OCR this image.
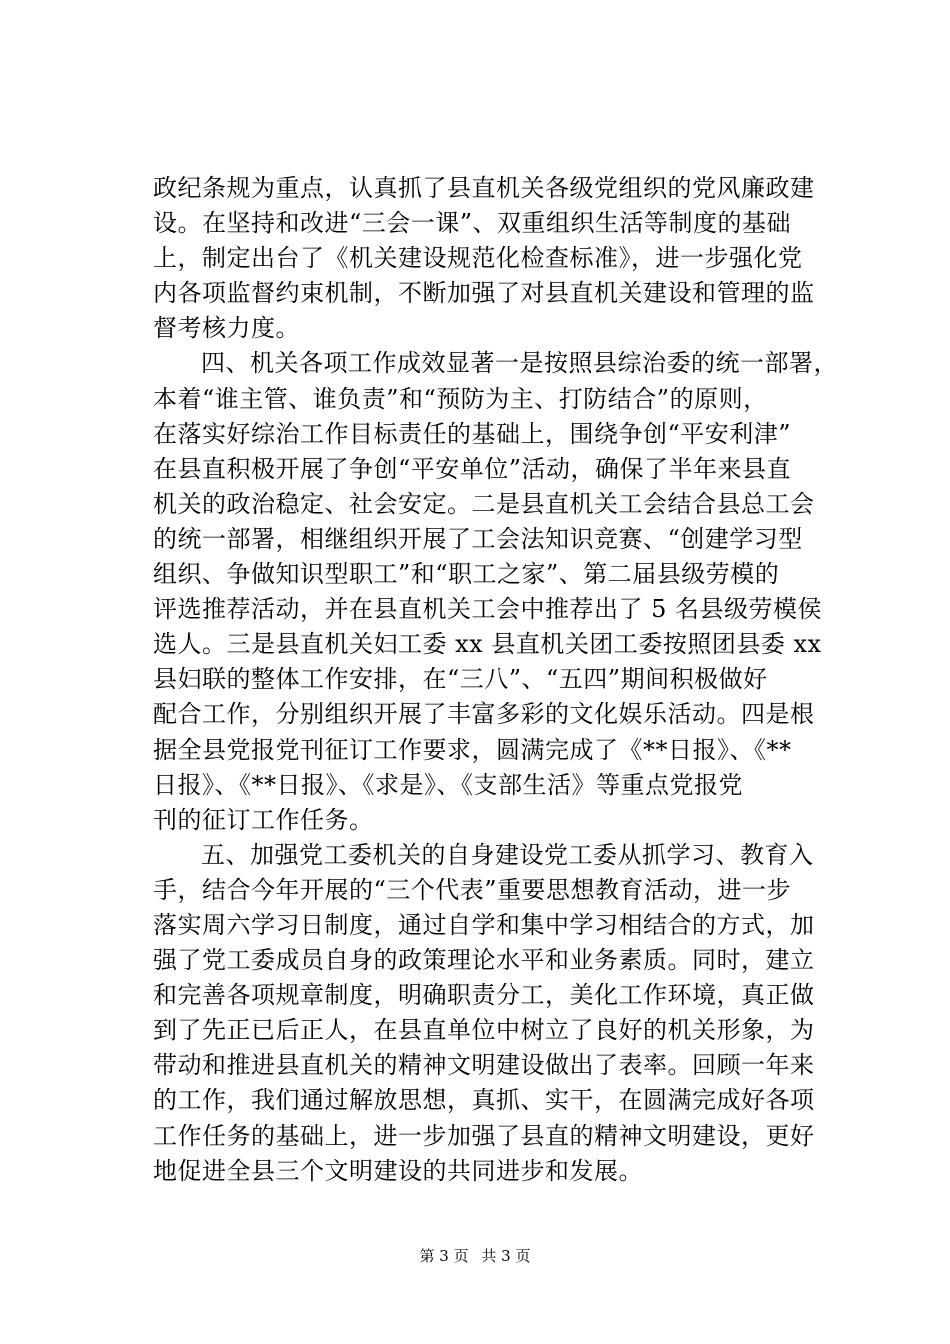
政纪条规为重点，认真抓了县直机关各级党组织的党风廉政建
设。在坚持和改进“三会一课”、双重组织生活等制度的基础
上，制定出台了《机关建设规范化检查标准》，进一步强化党
内各项监督约束机制，不断加强了对县直机关建设和管理的监
督考核力度。
四、机关各项工作成效显著一是按照县综治委的统一部署，
本着“谁主管、谁负责”和“预防为主、打防结合”的原则，
在落实好综治工作目标责任的基础上，围绕争创“平安利津”
在县直积极开展了争创“平安单位”活动，确保了半年来县直
机关的政治稳定、社会安定。二是县直机关工会结合县总工会
的统一部署，相继组织开展了工会法知识竞赛、“创建学习型
组织、争做知识型职工”和“职工之家”、第二届县级劳模的
评选推荐活动，并在县直机关工会中推荐出了 5 名县级劳模侯
选人。三是县直机关妇工委 xx 县直机关团工委按照团县委 xx
县妇联的整体工作安排，在“三八”、“五四”期间积极做好
配合工作，分别组织开展了丰富多彩的文化娱乐活动。四是根
据全县党报党刊征订工作要求，圆满完成了《**日报》、《**
日报》、《**日报》、《求是》、《支部生活》等重点党报党
刊的征订工作任务。
五、加强党工委机关的自身建设党工委从抓学习、教育入
手，结合今年开展的“三个代表”重要思想教育活动，进一步
落实周六学习日制度，通过自学和集中学习相结合的方式，加
强了党工委成员自身的政策理论水平和业务素质。同时，建立
和完善各项规章制度，明确职责分工，美化工作环境，真正做
到了先正已后正人，在县直单位中树立了良好的机关形象，为
带动和推进县直机关的精神文明建设做出了表率。回顾一年来
的工作，我们通过解放思想，真抓、实干，在圆满完成好各项
工作任务的基础上，进一步加强了县直的精神文明建设，更好
地促进全县三个文明建设的共同进步和发展。
第 3 页 共 3 页
